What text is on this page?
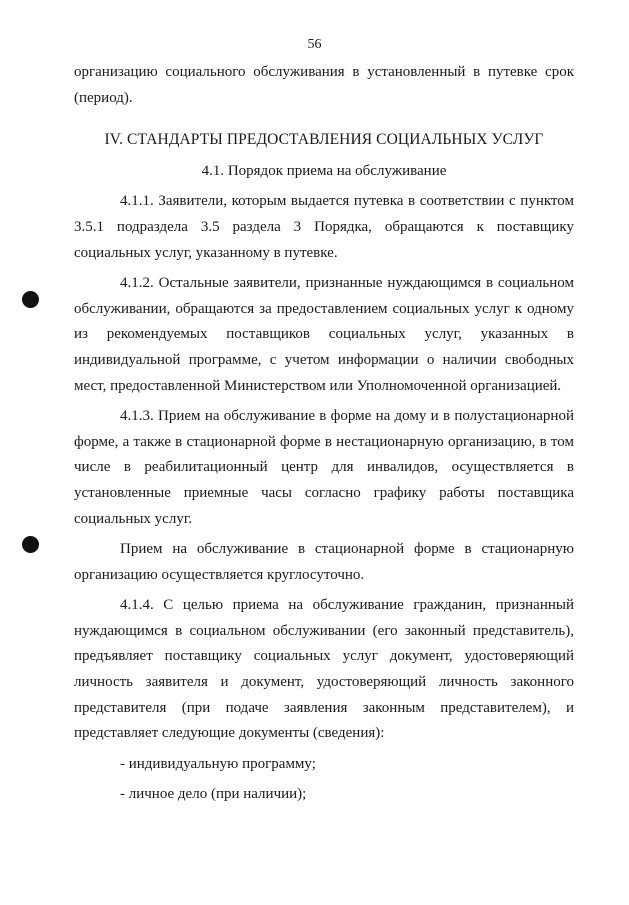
56

организацию социального обслуживания в установленный в путевке срок (период).

IV. СТАНДАРТЫ ПРЕДОСТАВЛЕНИЯ СОЦИАЛЬНЫХ УСЛУГ

4.1. Порядок приема на обслуживание

4.1.1. Заявители, которым выдается путевка в соответствии с пунктом 3.5.1 подраздела 3.5 раздела 3 Порядка, обращаются к поставщику социальных услуг, указанному в путевке.

4.1.2. Остальные заявители, признанные нуждающимся в социальном обслуживании, обращаются за предоставлением социальных услуг к одному из рекомендуемых поставщиков социальных услуг, указанных в индивидуальной программе, с учетом информации о наличии свободных мест, предоставленной Министерством или Уполномоченной организацией.

4.1.3. Прием на обслуживание в форме на дому и в полустационарной форме, а также в стационарной форме в нестационарную организацию, в том числе в реабилитационный центр для инвалидов, осуществляется в установленные приемные часы согласно графику работы поставщика социальных услуг.

Прием на обслуживание в стационарной форме в стационарную организацию осуществляется круглосуточно.

4.1.4. С целью приема на обслуживание гражданин, признанный нуждающимся в социальном обслуживании (его законный представитель), предъявляет поставщику социальных услуг документ, удостоверяющий личность заявителя и документ, удостоверяющий личность законного представителя (при подаче заявления законным представителем), и представляет следующие документы (сведения):

- индивидуальную программу;

- личное дело (при наличии);
